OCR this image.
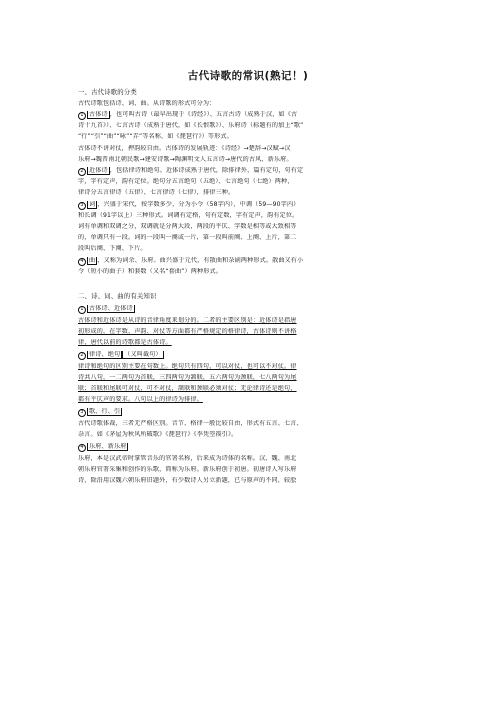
古代诗歌的常识(熟记！)
一、古代诗歌的分类
古代诗歌包括诗、词、曲。从诗歌的形式可分为：
1 古体诗 ，也可叫古诗（最早出现于《诗经》）、五言古诗（成熟于汉，如《古
诗十九首》）、七言古诗（成熟于唐代，如《长恨歌》）、乐府诗（标题有的加上“歌”
“行”“引”“曲”“咏”“弄”等名称，如《琵琶行》）等形式。
古体诗不讲对仗，押韵较自由。古体诗的发展轨迹：《诗经》→楚辞→汉赋→汉
乐府→魏晋南北朝民歌→建安诗歌→陶渊明文人五言诗→唐代的古风、新乐府。
2 近体诗 ，包括律诗和绝句。近体诗成熟于唐代，除排律外，篇有定句，句有定
字，字有定声，韵有定位。绝句分五言绝句（五绝）、七言绝句（七绝）两种，
律诗分五言律诗（五律）、七言律诗（七律），排律三种。
3 词 ，兴盛于宋代，按字数多少，分为小令（58字内）、中调（59—90字内）
和长调（91字以上）三种形式。词调有定格，句有定数，字有定声，韵有定位。
词有单调和双调之分，双调就是分两大段，两段的平仄、字数是相等或大致相等
的，单调只有一段。词的一段叫一阕或一片，第一段叫前阕、上阕、上片，第二
段叫后阕、下阕、下片。
4 曲 ，又称为词余、乐府。曲兴盛于元代，有散曲和杂剧两种形式。散曲又有小
令（短小的曲子）和套数（又名“套曲”）两种形式。
二、诗、词、曲的有关知识
1 古体诗、近体诗
古体诗和近体诗是从诗的音律角度来划分的。二者的主要区别是：近体诗是指唐
初形成的，在字数、声韵、对仗等方面都有严格规定的格律诗，古体诗则不讲格
律，唐代以前的诗歌都是古体诗。
2 律诗、绝句 （又叫截句）
律诗和绝句的区别主要在句数上。绝句只有四句，可以对仗，也可以不对仗。律
诗共八句，一二两句为首联，三四两句为颔联，五六两句为颈联，七八两句为尾
联；首联和尾联可对仗，可不对仗，颔联和颈联必须对仗；无论律诗还是绝句，
都有平仄声的要求。八句以上的律诗为排律。
3 歌、行、引
古代诗歌体裁，三者无严格区别。音节、格律一般比较自由，形式有五言、七言、
杂言。如《茅屋为秋风所破歌》《琵琶行》《李凭箜篌引》。
4 乐府、新乐府
乐府，本是汉武帝时掌管音乐的官署名称，后来成为诗体的名称。汉、魏、南北
朝乐府官署采集和创作的乐歌，简称为乐府。新乐府创于初唐。初唐诗人写乐府
诗，除沿用汉魏六朝乐府旧题外，有少数诗人另立新题，已与原声的不同，较脍
